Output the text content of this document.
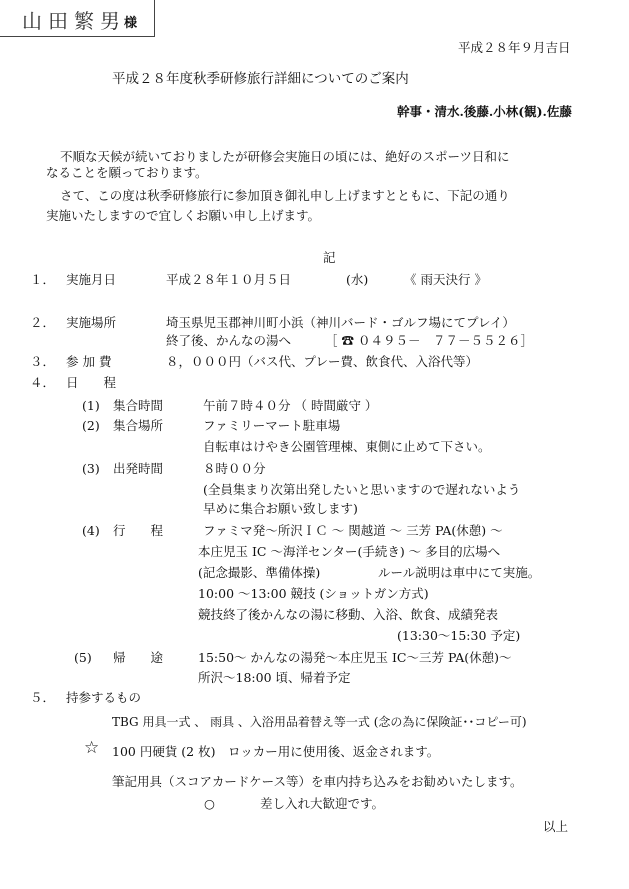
山田繁男
様
平成２８年９月吉日
平成２８年度秋季研修旅行詳細についてのご案内
幹事・清水.後藤.小林(観).佐藤
不順な天候が続いておりましたが研修会実施日の頃には、絶好のスポーツ日和に
なることを願っております。
さて、この度は秋季研修旅行に参加頂き御礼申し上げますとともに、下記の通り
実施いたしますので宜しくお願い申し上げます。
記
１． 実施月日	平成２８年１０月５日	(水)	《 雨天決行 》
２． 実施場所	埼玉県児玉郡神川町小浜（神川バード・ゴルフ場にてプレイ）
終了後、かんなの湯へ	［ ☎ ０４９５－　７７－５５２６］
３． 参 加 費	８，０００円（バス代、プレー費、飲食代、入浴代等）
４． 日　　程
(1) 集合時間	午前７時４０分 （ 時間厳守 ）
(2) 集合場所	ファミリーマート駐車場
自転車はけやき公園管理棟、東側に止めて下さい。
(3) 出発時間	８時００分
(全員集まり次第出発したいと思いますので遅れないよう
早めに集合お願い致します)
(4) 行　　程	ファミマ発～所沢ＩＣ ～ 関越道 ～ 三芳 PA(休憩) ～
本庄児玉 IC ～海洋センター(手続き) ～ 多目的広場へ
(記念撮影、準備体操)	ルール説明は車中にて実施。
10:00 ～13:00 競技 (ショットガン方式)
競技終了後かんなの湯に移動、入浴、飲食、成績発表
(13:30～15:30 予定)
(5) 帰　　途	15:50～ かんなの湯発～本庄児玉 IC～三芳 PA(休憩)～
所沢～18:00 頃、帰着予定
５． 持参するもの
TBG 用具一式 、 雨具 、入浴用品着替え等一式 (念の為に保険証･･コピー可)
☆ 100 円硬貨 (2 枚)　ロッカー用に使用後、返金されます。
筆記用具（スコアカードケース等）を車内持ち込みをお勧めいたします。
○	差し入れ大歓迎です。
以上
